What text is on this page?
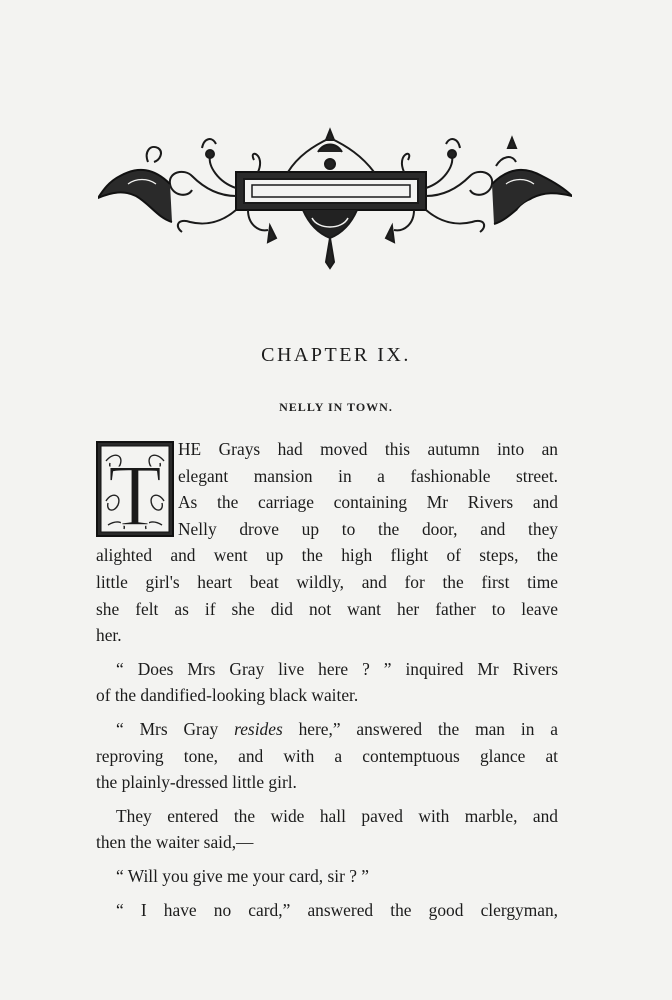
CHAPTER IX.
NELLY IN TOWN.
T HE Grays had moved this autumn into an
elegant mansion in a fashionable street.
As the carriage containing Mr Rivers and
Nelly drove up to the door, and they
alighted and went up the high flight of steps, the
little girl's heart beat wildly, and for the first time
she felt as if she did not want her father to leave
her.
“ Does Mrs Gray live here ? ” inquired Mr Rivers
of the dandified-looking black waiter.
“ Mrs Gray resides here,” answered the man in a
reproving tone, and with a contemptuous glance at
the plainly-dressed little girl.
They entered the wide hall paved with marble, and
then the waiter said,—
“ Will you give me your card, sir ? ”
“ I have no card,” answered the good clergyman,
